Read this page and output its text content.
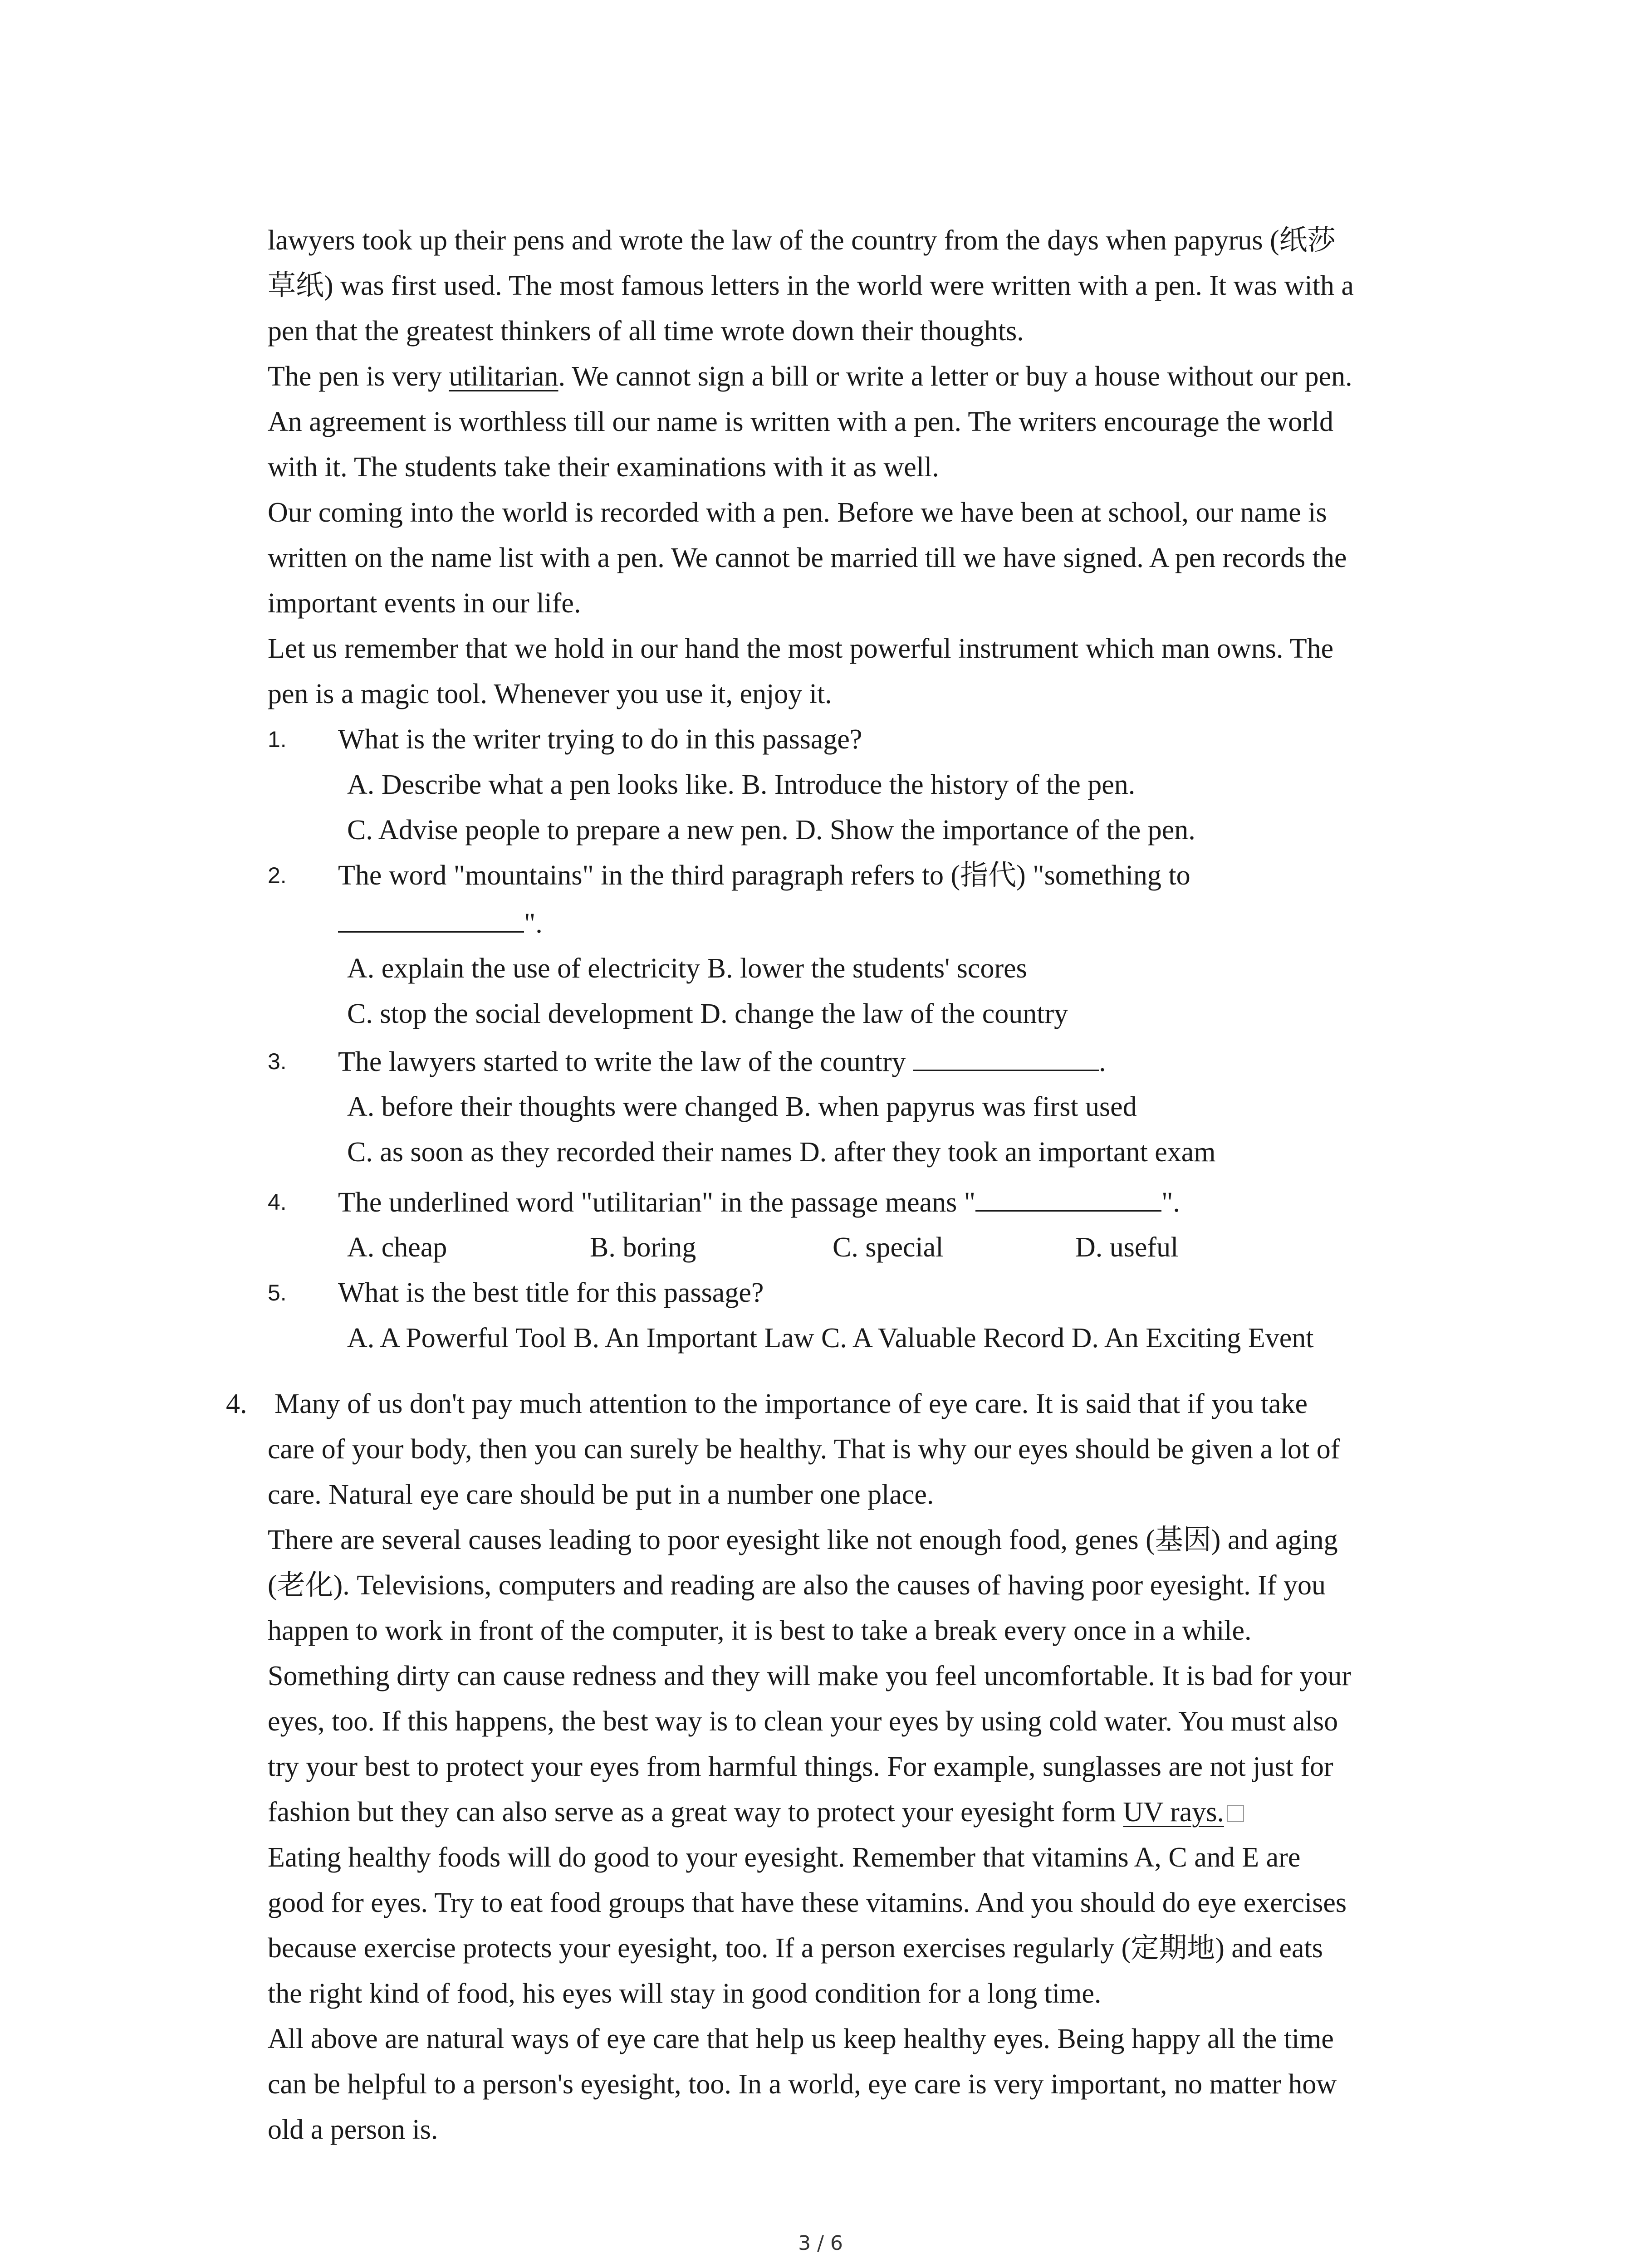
lawyers took up their pens and wrote the law of the country from the days when papyrus (纸莎
草纸) was first used. The most famous letters in the world were written with a pen. It was with a
pen that the greatest thinkers of all time wrote down their thoughts.
The pen is very utilitarian. We cannot sign a bill or write a letter or buy a house without our pen.
An agreement is worthless till our name is written with a pen. The writers encourage the world
with it. The students take their examinations with it as well.
Our coming into the world is recorded with a pen. Before we have been at school, our name is
written on the name list with a pen. We cannot be married till we have signed. A pen records the
important events in our life.
Let us remember that we hold in our hand the most powerful instrument which man owns. The
pen is a magic tool. Whenever you use it, enjoy it.
1. What is the writer trying to do in this passage?
A. Describe what a pen looks like. B. Introduce the history of the pen.
C. Advise people to prepare a new pen. D. Show the importance of the pen.
2. The word "mountains" in the third paragraph refers to (指代) "something to
".
A. explain the use of electricity B. lower the students' scores
C. stop the social development D. change the law of the country
3. The lawyers started to write the law of the country	.
A. before their thoughts were changed B. when papyrus was first used
C. as soon as they recorded their names D. after they took an important exam
4. The underlined word "utilitarian" in the passage means "	".
A. cheap	B. boring	C. special	D. useful
5. What is the best title for this passage?
A. A Powerful Tool B. An Important Law C. A Valuable Record D. An Exciting Event
4. Many of us don't pay much attention to the importance of eye care. It is said that if you take
care of your body, then you can surely be healthy. That is why our eyes should be given a lot of
care. Natural eye care should be put in a number one place.
There are several causes leading to poor eyesight like not enough food, genes (基因) and aging
(老化). Televisions, computers and reading are also the causes of having poor eyesight. If you
happen to work in front of the computer, it is best to take a break every once in a while.
Something dirty can cause redness and they will make you feel uncomfortable. It is bad for your
eyes, too. If this happens, the best way is to clean your eyes by using cold water. You must also
try your best to protect your eyes from harmful things. For example, sunglasses are not just for
fashion but they can also serve as a great way to protect your eyesight form UV rays.
Eating healthy foods will do good to your eyesight. Remember that vitamins A, C and E are
good for eyes. Try to eat food groups that have these vitamins. And you should do eye exercises
because exercise protects your eyesight, too. If a person exercises regularly (定期地) and eats
the right kind of food, his eyes will stay in good condition for a long time.
All above are natural ways of eye care that help us keep healthy eyes. Being happy all the time
can be helpful to a person's eyesight, too. In a world, eye care is very important, no matter how
old a person is.
3 / 6
